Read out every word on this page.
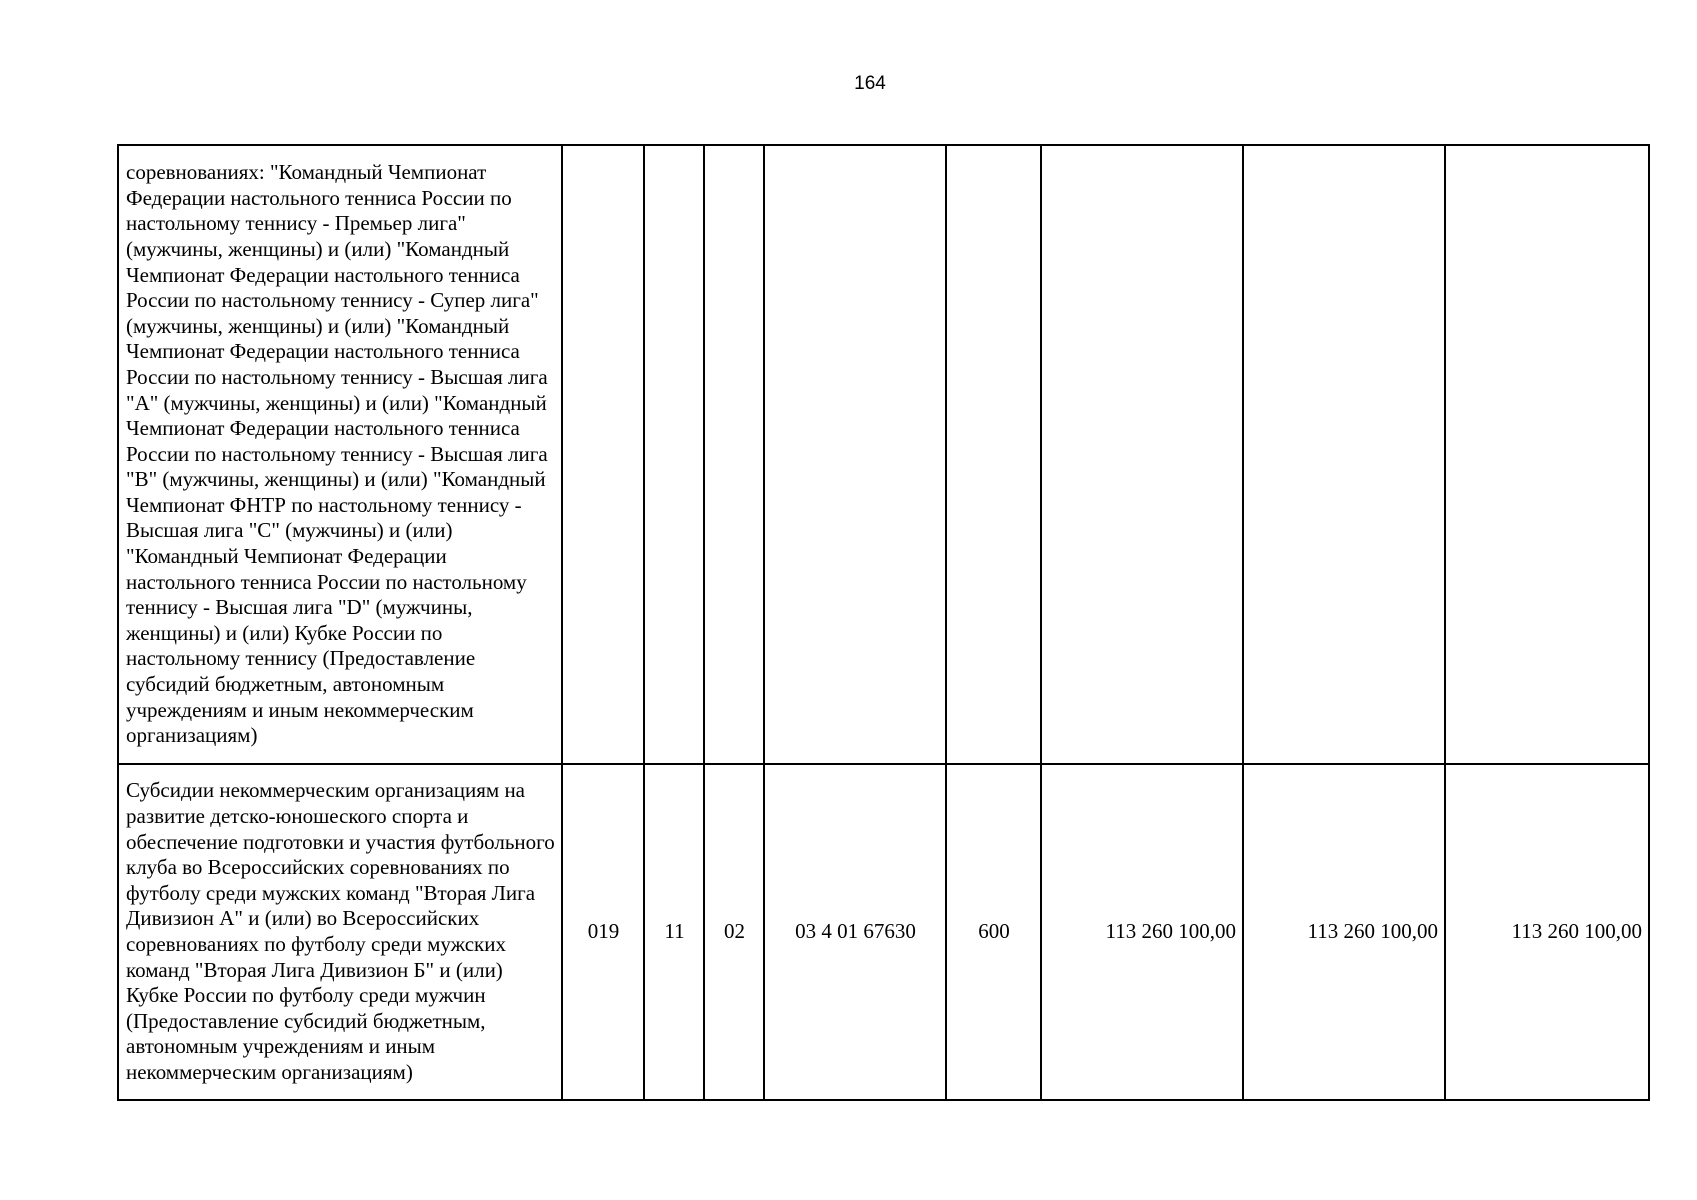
164
соревнованиях: "Командный Чемпионат Федерации настольного тенниса России по настольному теннису - Премьер лига" (мужчины, женщины) и (или) "Командный Чемпионат Федерации настольного тенниса России по настольному теннису - Супер лига" (мужчины, женщины) и (или) "Командный Чемпионат Федерации настольного тенниса России по настольному теннису - Высшая лига "А" (мужчины, женщины) и (или) "Командный Чемпионат Федерации настольного тенниса России по настольному теннису - Высшая лига "В" (мужчины, женщины) и (или) "Командный Чемпионат ФНТР по настольному теннису - Высшая лига "С" (мужчины) и (или) "Командный Чемпионат Федерации настольного тенниса России по настольному теннису - Высшая лига "D" (мужчины, женщины) и (или) Кубке России по настольному теннису (Предоставление субсидий бюджетным, автономным учреждениям и иным некоммерческим организациям)								
Субсидии некоммерческим организациям на развитие детско-юношеского спорта и обеспечение подготовки и участия футбольного клуба во Всероссийских соревнованиях по футболу среди мужских команд "Вторая Лига Дивизион А" и (или) во Всероссийских соревнованиях по футболу среди мужских команд "Вторая Лига Дивизион Б" и (или) Кубке России по футболу среди мужчин (Предоставление субсидий бюджетным, автономным учреждениям и иным некоммерческим организациям)	019	11	02	03 4 01 67630	600	113 260 100,00	113 260 100,00	113 260 100,00
